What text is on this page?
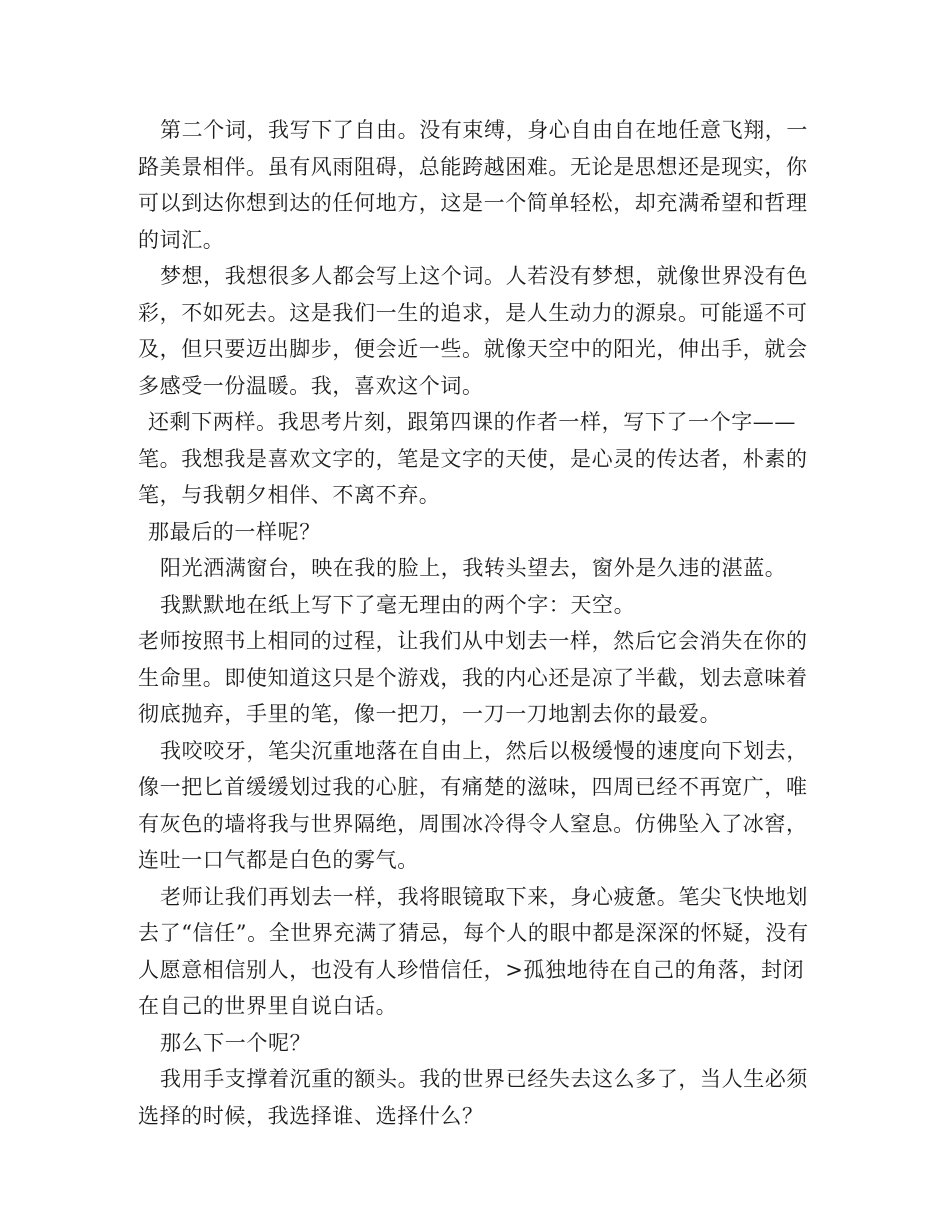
第二个词，我写下了自由。没有束缚，身心自由自在地任意飞翔，一路美景相伴。虽有风雨阻碍，总能跨越困难。无论是思想还是现实，你可以到达你想到达的任何地方，这是一个简单轻松，却充满希望和哲理的词汇。

梦想，我想很多人都会写上这个词。人若没有梦想，就像世界没有色彩，不如死去。这是我们一生的追求，是人生动力的源泉。可能遥不可及，但只要迈出脚步，便会近一些。就像天空中的阳光，伸出手，就会多感受一份温暖。我，喜欢这个词。

还剩下两样。我思考片刻，跟第四课的作者一样，写下了一个字——笔。我想我是喜欢文字的，笔是文字的天使，是心灵的传达者，朴素的笔，与我朝夕相伴、不离不弃。

那最后的一样呢？

阳光洒满窗台，映在我的脸上，我转头望去，窗外是久违的湛蓝。

我默默地在纸上写下了毫无理由的两个字：天空。

老师按照书上相同的过程，让我们从中划去一样，然后它会消失在你的生命里。即使知道这只是个游戏，我的内心还是凉了半截，划去意味着彻底抛弃，手里的笔，像一把刀，一刀一刀地割去你的最爱。

我咬咬牙，笔尖沉重地落在自由上，然后以极缓慢的速度向下划去，像一把匕首缓缓划过我的心脏，有痛楚的滋味，四周已经不再宽广，唯有灰色的墙将我与世界隔绝，周围冰冷得令人窒息。仿佛坠入了冰窖，连吐一口气都是白色的雾气。

老师让我们再划去一样，我将眼镜取下来，身心疲惫。笔尖飞快地划去了“信任”。全世界充满了猜忌，每个人的眼中都是深深的怀疑，没有人愿意相信别人，也没有人珍惜信任，>孤独地待在自己的角落，封闭在自己的世界里自说白话。

那么下一个呢？

我用手支撑着沉重的额头。我的世界已经失去这么多了，当人生必须选择的时候，我选择谁、选择什么？
